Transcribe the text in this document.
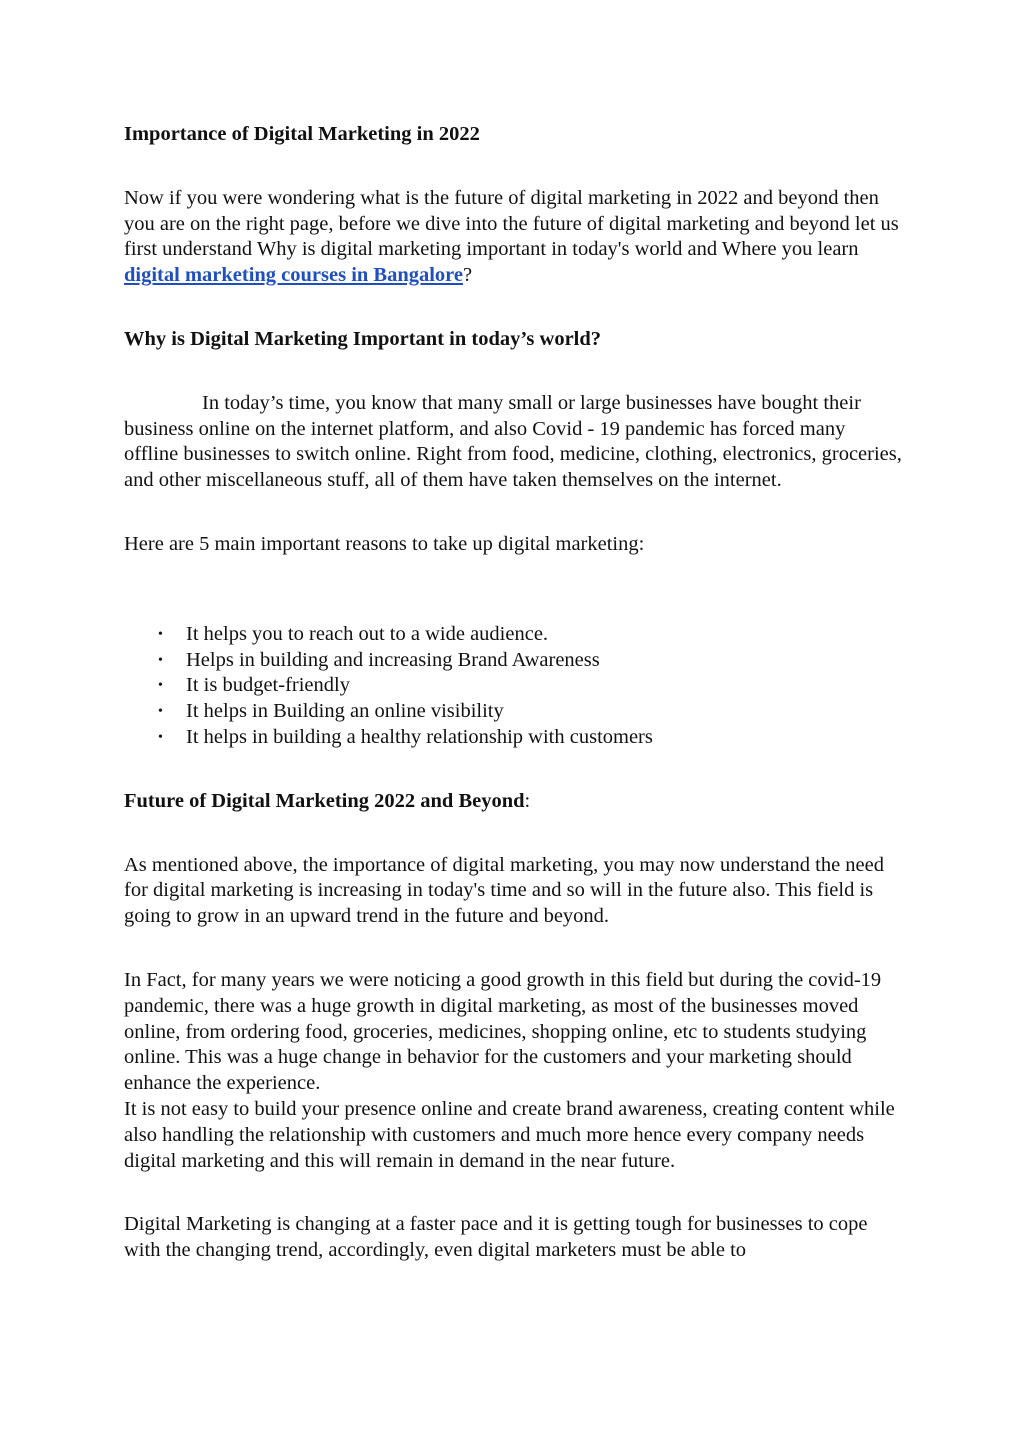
Importance of Digital Marketing in 2022

Now if you were wondering what is the future of digital marketing in 2022 and beyond then you are on the right page, before we dive into the future of digital marketing and beyond let us first understand Why is digital marketing important in today's world and Where you learn digital marketing courses in Bangalore?

Why is Digital Marketing Important in today’s world?

In today’s time, you know that many small or large businesses have bought their business online on the internet platform, and also Covid - 19 pandemic has forced many offline businesses to switch online. Right from food, medicine, clothing, electronics, groceries, and other miscellaneous stuff, all of them have taken themselves on the internet.

Here are 5 main important reasons to take up digital marketing:

• It helps you to reach out to a wide audience.
• Helps in building and increasing Brand Awareness
• It is budget-friendly
• It helps in Building an online visibility
• It helps in building a healthy relationship with customers

Future of Digital Marketing 2022 and Beyond:

As mentioned above, the importance of digital marketing, you may now understand the need for digital marketing is increasing in today's time and so will in the future also. This field is going to grow in an upward trend in the future and beyond.

In Fact, for many years we were noticing a good growth in this field but during the covid-19 pandemic, there was a huge growth in digital marketing, as most of the businesses moved online, from ordering food, groceries, medicines, shopping online, etc to students studying online. This was a huge change in behavior for the customers and your marketing should enhance the experience.

It is not easy to build your presence online and create brand awareness, creating content while also handling the relationship with customers and much more hence every company needs digital marketing and this will remain in demand in the near future.

Digital Marketing is changing at a faster pace and it is getting tough for businesses to cope with the changing trend, accordingly, even digital marketers must be able to
